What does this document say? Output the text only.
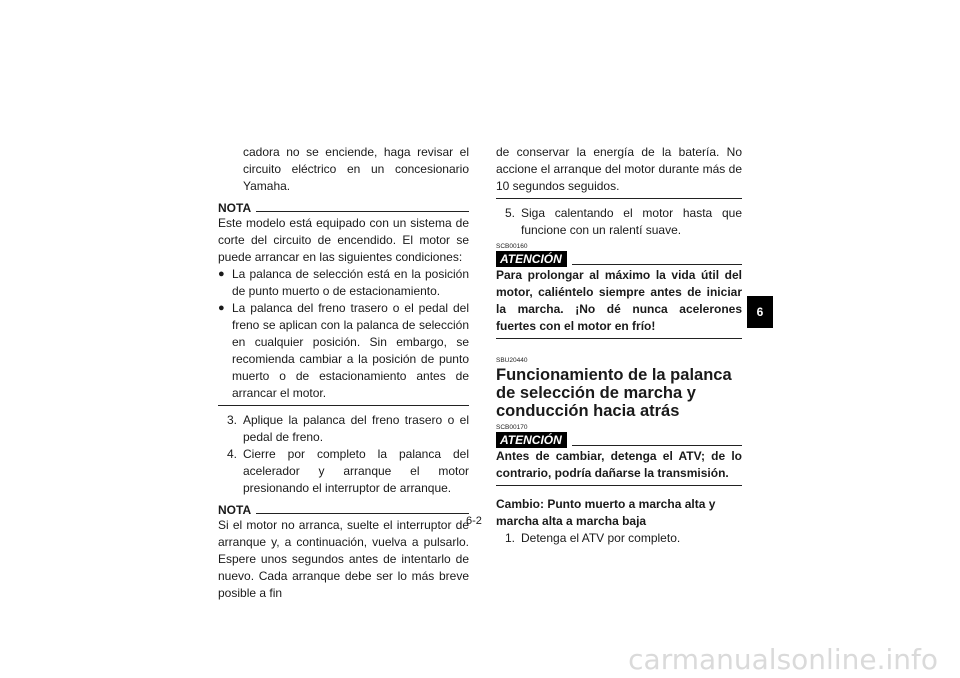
cadora no se enciende, haga revisar el circuito eléctrico en un concesionario Yamaha.

NOTA

Este modelo está equipado con un sistema de corte del circuito de encendido. El motor se puede arrancar en las siguientes condiciones:

● La palanca de selección está en la posición de punto muerto o de estacionamiento.
● La palanca del freno trasero o el pedal del freno se aplican con la palanca de selección en cualquier posición. Sin embargo, se recomienda cambiar a la posición de punto muerto o de estacionamiento antes de arrancar el motor.
3. Aplique la palanca del freno trasero o el pedal de freno.
4. Cierre por completo la palanca del acelerador y arranque el motor presionando el interruptor de arranque.
NOTA

Si el motor no arranca, suelte el interruptor de arranque y, a continuación, vuelva a pulsarlo. Espere unos segundos antes de intentarlo de nuevo. Cada arranque debe ser lo más breve posible a fin

de conservar la energía de la batería. No accione el arranque del motor durante más de 10 segundos seguidos.

5. Siga calentando el motor hasta que funcione con un ralentí suave.
SCB00160
ATENCIÓN

Para prolongar al máximo la vida útil del motor, caliéntelo siempre antes de iniciar la marcha. ¡No dé nunca acelerones fuertes con el motor en frío!

SBU20440
Funcionamiento de la palanca de selección de marcha y conducción hacia atrás
SCB00170
ATENCIÓN

Antes de cambiar, detenga el ATV; de lo contrario, podría dañarse la transmisión.

Cambio: Punto muerto a marcha alta y marcha alta a marcha baja

1. Detenga el ATV por completo.
6
6-2
carmanualsonline.info
